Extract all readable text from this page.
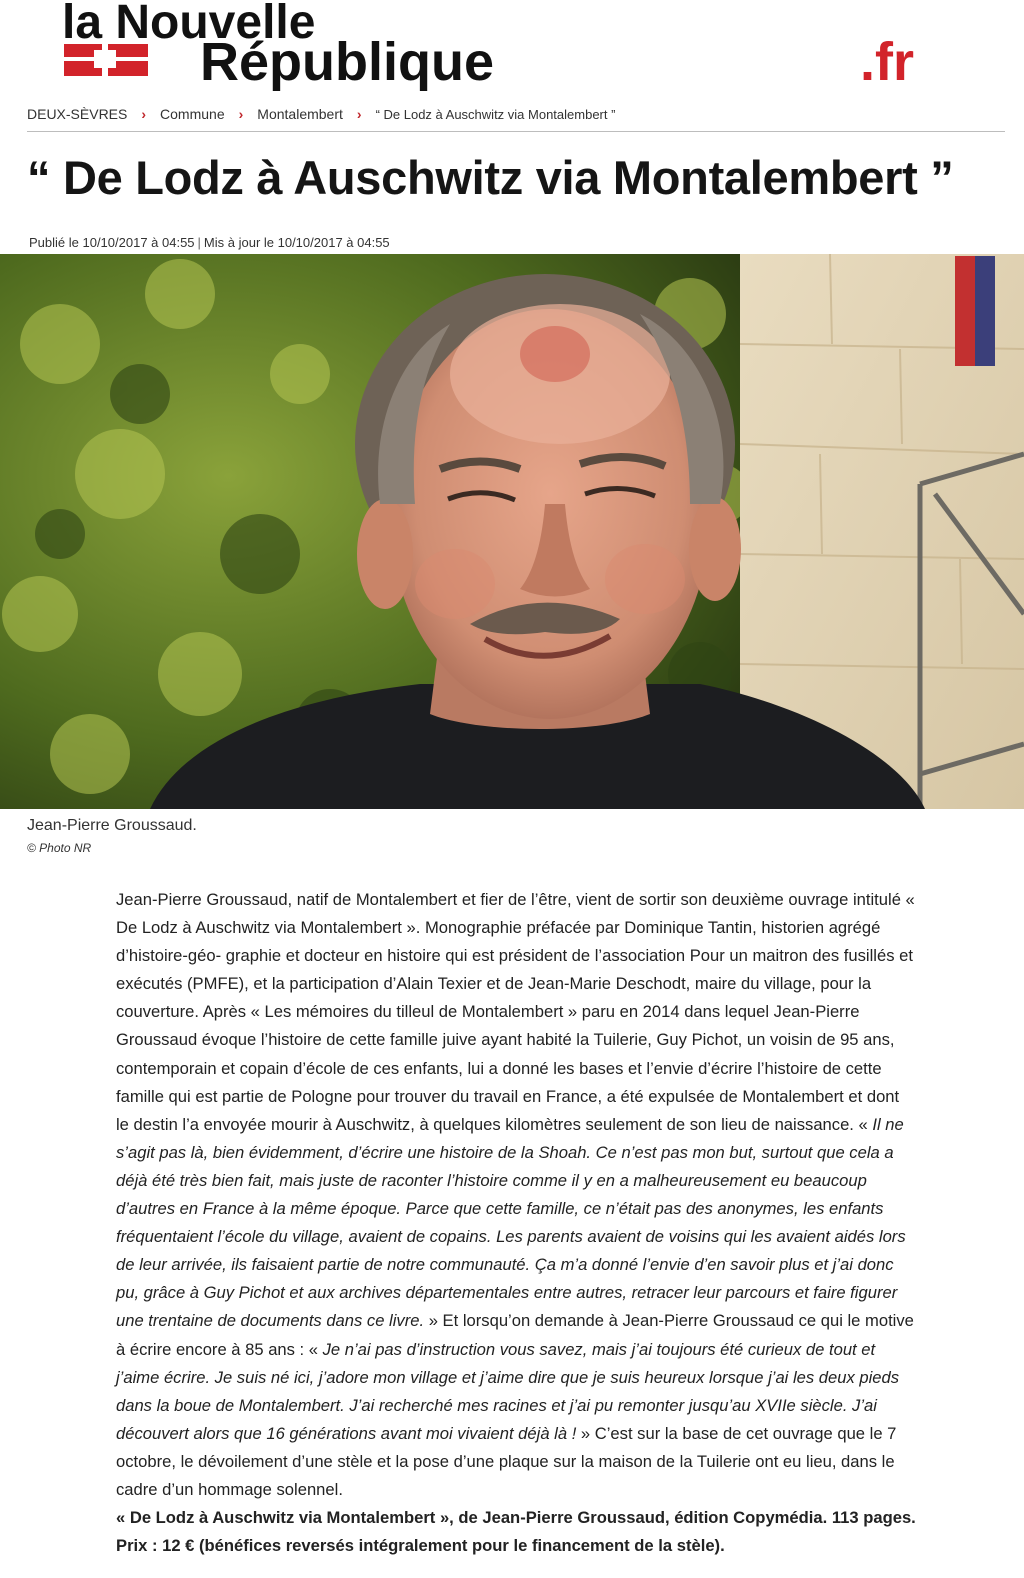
la Nouvelle
République	.fr
DEUX-SÈVRES › Commune › Montalembert › “ De Lodz à Auschwitz via Montalembert ”
“ De Lodz à Auschwitz via Montalembert ”
Publié le 10/10/2017 à 04:55 | Mis à jour le 10/10/2017 à 04:55
Jean-Pierre Groussaud.
© Photo NR

Jean-Pierre Groussaud, natif de Montalembert et fier de l’être, vient de sortir son deuxième ouvrage intitulé « De Lodz à Auschwitz via Montalembert ». Monographie préfacée par Dominique Tantin, historien agrégé d’histoire-géo- graphie et docteur en histoire qui est président de l’association Pour un maitron des fusillés et exécutés (PMFE), et la participation d’Alain Texier et de Jean-Marie Deschodt, maire du village, pour la couverture. Après « Les mémoires du tilleul de Montalembert » paru en 2014 dans lequel Jean-Pierre Groussaud évoque l’histoire de cette famille juive ayant habité la Tuilerie, Guy Pichot, un voisin de 95 ans, contemporain et copain d’école de ces enfants, lui a donné les bases et l’envie d’écrire l’histoire de cette famille qui est partie de Pologne pour trouver du travail en France, a été expulsée de Montalembert et dont le destin l’a envoyée mourir à Auschwitz, à quelques kilomètres seulement de son lieu de naissance. « Il ne s’agit pas là, bien évidemment, d’écrire une histoire de la Shoah. Ce n’est pas mon but, surtout que cela a déjà été très bien fait, mais juste de raconter l’histoire comme il y en a malheureusement eu beaucoup d’autres en France à la même époque. Parce que cette famille, ce n’était pas des anonymes, les enfants fréquentaient l’école du village, avaient de copains. Les parents avaient de voisins qui les avaient aidés lors de leur arrivée, ils faisaient partie de notre communauté. Ça m’a donné l’envie d’en savoir plus et j’ai donc pu, grâce à Guy Pichot et aux archives départementales entre autres, retracer leur parcours et faire figurer une trentaine de documents dans ce livre. » Et lorsqu’on demande à Jean-Pierre Groussaud ce qui le motive à écrire encore à 85 ans : « Je n’ai pas d’instruction vous savez, mais j’ai toujours été curieux de tout et j’aime écrire. Je suis né ici, j’adore mon village et j’aime dire que je suis heureux lorsque j’ai les deux pieds dans la boue de Montalembert. J’ai recherché mes racines et j’ai pu remonter jusqu’au XVIIe siècle. J’ai découvert alors que 16 générations avant moi vivaient déjà là ! » C’est sur la base de cet ouvrage que le 7 octobre, le dévoilement d’une stèle et la pose d’une plaque sur la maison de la Tuilerie ont eu lieu, dans le cadre d’un hommage solennel.

« De Lodz à Auschwitz via Montalembert », de Jean-Pierre Groussaud, édition Copymédia. 113 pages. Prix : 12 € (bénéfices reversés intégralement pour le financement de la stèle).
